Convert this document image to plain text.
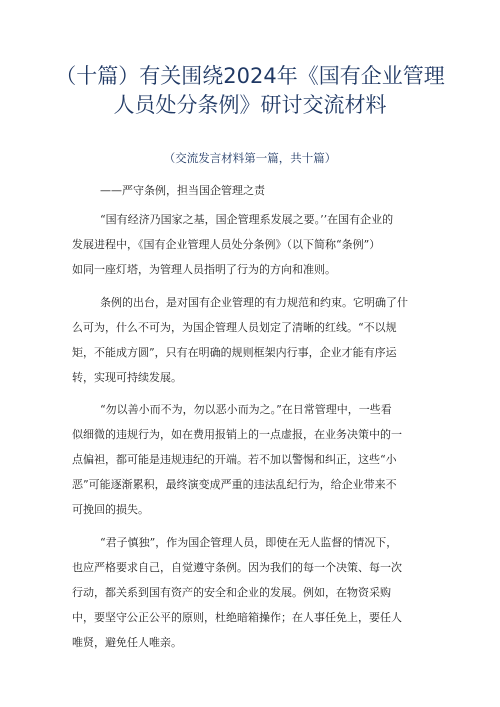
（十篇）有关围绕2024年《国有企业管理
人员处分条例》研讨交流材料
（交流发言材料第一篇，共十篇）
——严守条例，担当国企管理之责
“国有经济乃国家之基，国企管理系发展之要。’’在国有企业的
发展进程中，《国有企业管理人员处分条例》（以下简称“条例”）
如同一座灯塔，为管理人员指明了行为的方向和准则。
条例的出台，是对国有企业管理的有力规范和约束。它明确了什
么可为，什么不可为，为国企管理人员划定了清晰的红线。“不以规
矩，不能成方圆”，只有在明确的规则框架内行事，企业才能有序运
转，实现可持续发展。
“勿以善小而不为，勿以恶小而为之。”在日常管理中，一些看
似细微的违规行为，如在费用报销上的一点虚报，在业务决策中的一
点偏袒，都可能是违规违纪的开端。若不加以警惕和纠正，这些“小
恶”可能逐渐累积，最终演变成严重的违法乱纪行为，给企业带来不
可挽回的损失。
“君子慎独”，作为国企管理人员，即使在无人监督的情况下，
也应严格要求自己，自觉遵守条例。因为我们的每一个决策、每一次
行动，都关系到国有资产的安全和企业的发展。例如，在物资采购
中，要坚守公正公平的原则，杜绝暗箱操作；在人事任免上，要任人
唯贤，避免任人唯亲。
